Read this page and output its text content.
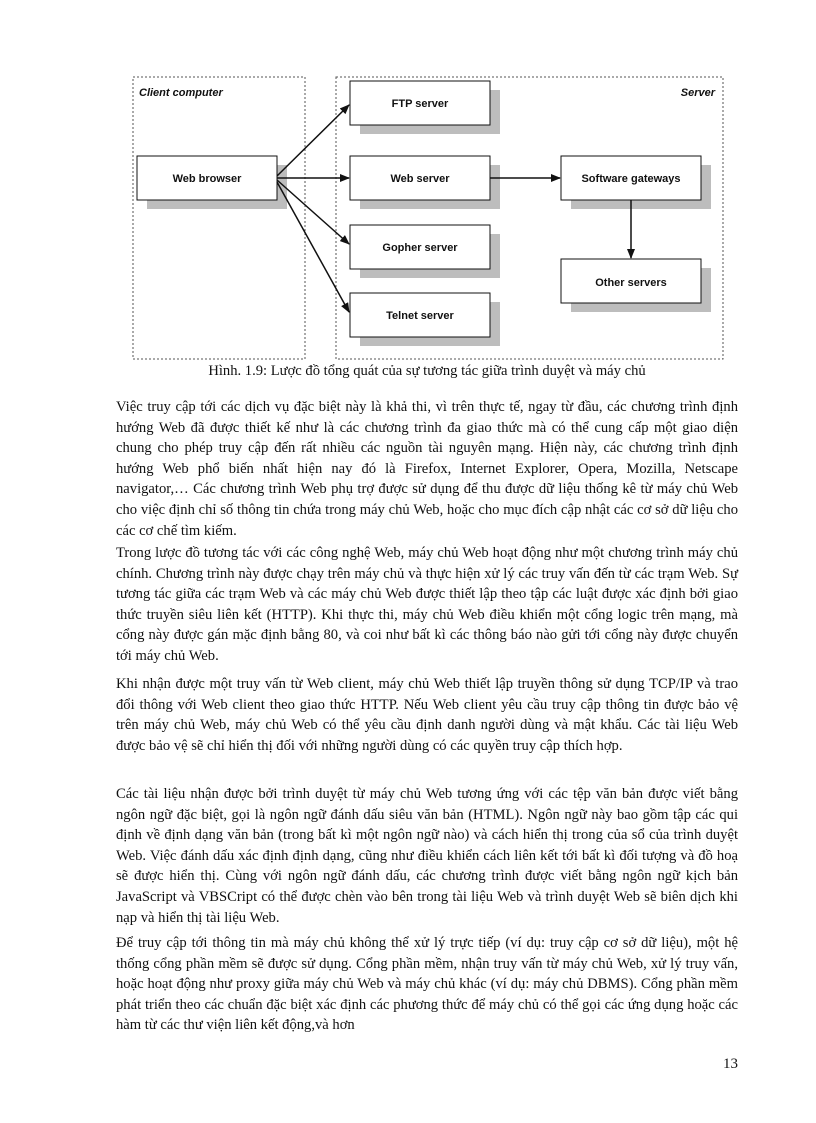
Client computer	Server
Web browser
FTP server
Web server
Gopher server
Telnet server
Software gateways
Other servers
Hình. 1.9: Lược đồ tổng quát của sự tương tác giữa trình duyệt và máy chủ

Việc truy cập tới các dịch vụ đặc biệt này là khả thi, vì trên thực tế, ngay từ đầu, các chương trình định hướng Web đã được thiết kế như là các chương trình đa giao thức mà có thể cung cấp một giao diện chung cho phép truy cập đến rất nhiều các nguồn tài nguyên mạng. Hiện này, các chương trình định hướng Web phổ biến nhất hiện nay đó là Firefox, Internet Explorer, Opera, Mozilla, Netscape navigator,… Các chương trình Web phụ trợ được sử dụng để thu được dữ liệu thống kê từ máy chủ Web cho việc định chỉ số thông tin chứa trong máy chủ Web, hoặc cho mục đích cập nhật các cơ sở dữ liệu cho các cơ chế tìm kiếm.

Trong lược đồ tương tác với các công nghệ Web, máy chủ Web hoạt động như một chương trình máy chủ chính. Chương trình này được chạy trên máy chủ và thực hiện xử lý các truy vấn đến từ các trạm Web. Sự tương tác giữa các trạm Web và các máy chủ Web được thiết lập theo tập các luật được xác định bởi giao thức truyền siêu liên kết (HTTP). Khi thực thi, máy chủ Web điều khiển một cổng logic trên mạng, mà cổng này được gán mặc định bằng 80, và coi như bất kì các thông báo nào gửi tới cổng này được chuyển tới máy chủ Web.

Khi nhận được một truy vấn từ Web client, máy chủ Web thiết lập truyền thông sử dụng TCP/IP và trao đổi thông với Web client theo giao thức HTTP. Nếu Web client yêu cầu truy cập thông tin được bảo vệ trên máy chủ Web, máy chủ Web có thể yêu cầu định danh người dùng và mật khẩu. Các tài liệu Web được bảo vệ sẽ chỉ hiển thị đối với những người dùng có các quyền truy cập thích hợp.

Các tài liệu nhận được bởi trình duyệt từ máy chủ Web tương ứng với các tệp văn bản được viết bằng ngôn ngữ đặc biệt, gọi là ngôn ngữ đánh dấu siêu văn bản (HTML). Ngôn ngữ này bao gồm tập các qui định về định dạng văn bản (trong bất kì một ngôn ngữ nào) và cách hiển thị trong của sổ của trình duyệt Web. Việc đánh dấu xác định định dạng, cũng như điều khiển cách liên kết tới bất kì đối tượng và đồ hoạ sẽ được hiển thị. Cùng với ngôn ngữ đánh dấu, các chương trình được viết bằng ngôn ngữ kịch bản JavaScript và VBSCript có thể được chèn vào bên trong tài liệu Web và trình duyệt Web sẽ biên dịch khi nạp và hiển thị tài liệu Web.

Để truy cập tới thông tin mà máy chủ không thể xử lý trực tiếp (ví dụ: truy cập cơ sở dữ liệu), một hệ thống cổng phần mềm sẽ được sử dụng. Cổng phần mềm, nhận truy vấn từ máy chủ Web, xử lý truy vấn, hoặc hoạt động như proxy giữa máy chủ Web và máy chủ khác (ví dụ: máy chủ DBMS). Cổng phần mềm phát triển theo các chuẩn đặc biệt xác định các phương thức để máy chủ có thể gọi các ứng dụng hoặc các hàm từ các thư viện liên kết động,và hơn

13
